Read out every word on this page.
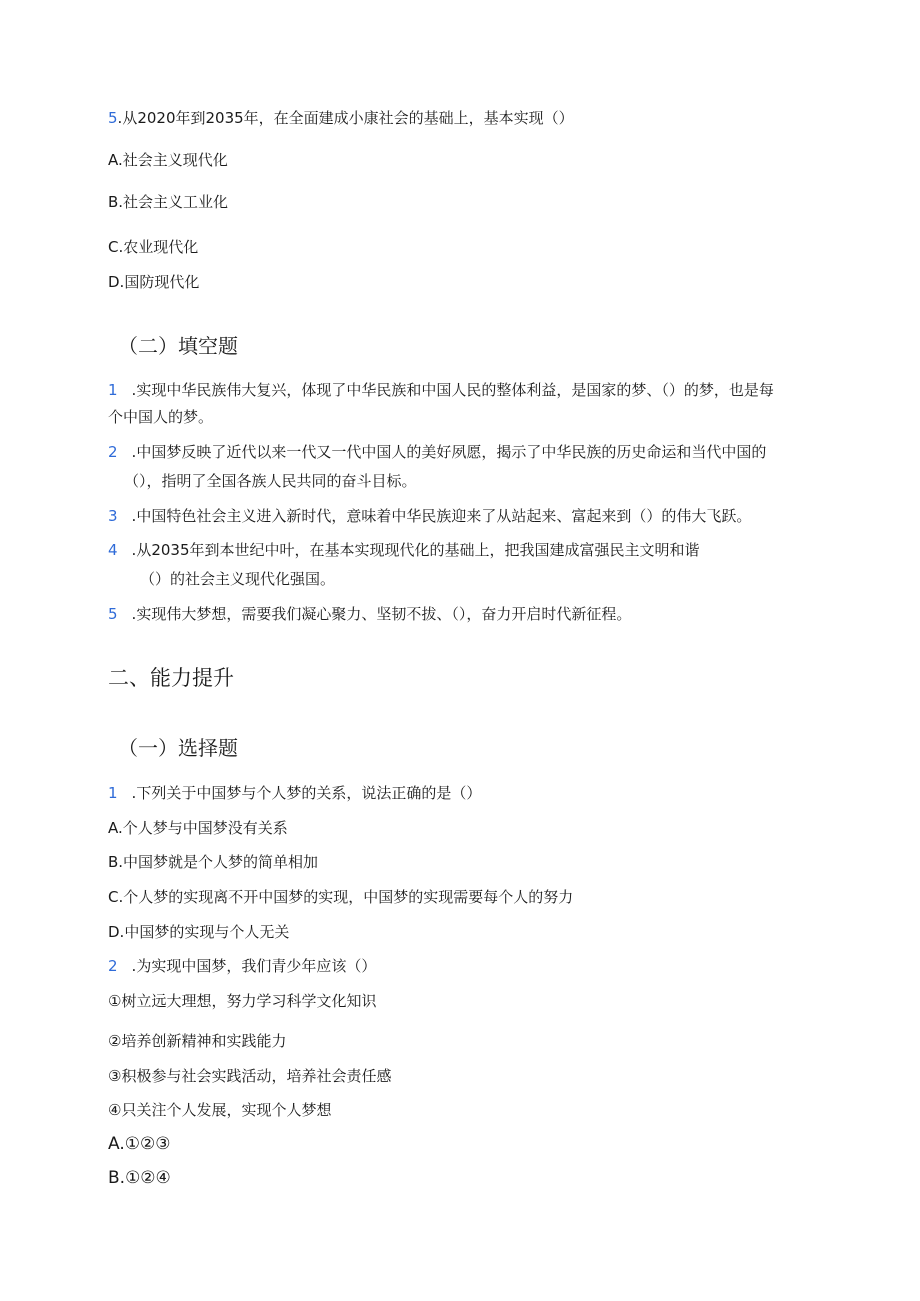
5.从2020年到2035年，在全面建成小康社会的基础上，基本实现（）
A.社会主义现代化
B.社会主义工业化
C.农业现代化
D.国防现代化
（二）填空题
1 .实现中华民族伟大复兴，体现了中华民族和中国人民的整体利益，是国家的梦、（）的梦，也是每
个中国人的梦。
2 .中国梦反映了近代以来一代又一代中国人的美好夙愿，揭示了中华民族的历史命运和当代中国的
（），指明了全国各族人民共同的奋斗目标。
3 .中国特色社会主义进入新时代，意味着中华民族迎来了从站起来、富起来到（）的伟大飞跃。
4 .从2035年到本世纪中叶，在基本实现现代化的基础上，把我国建成富强民主文明和谐
（）的社会主义现代化强国。
5 .实现伟大梦想，需要我们凝心聚力、坚韧不拔、（），奋力开启时代新征程。
二、能力提升
（一）选择题
1 .下列关于中国梦与个人梦的关系，说法正确的是（）
A.个人梦与中国梦没有关系
B.中国梦就是个人梦的简单相加
C.个人梦的实现离不开中国梦的实现，中国梦的实现需要每个人的努力
D.中国梦的实现与个人无关
2 .为实现中国梦，我们青少年应该（）
①树立远大理想，努力学习科学文化知识
②培养创新精神和实践能力
③积极参与社会实践活动，培养社会责任感
④只关注个人发展，实现个人梦想
A.①②③
B.①②④
